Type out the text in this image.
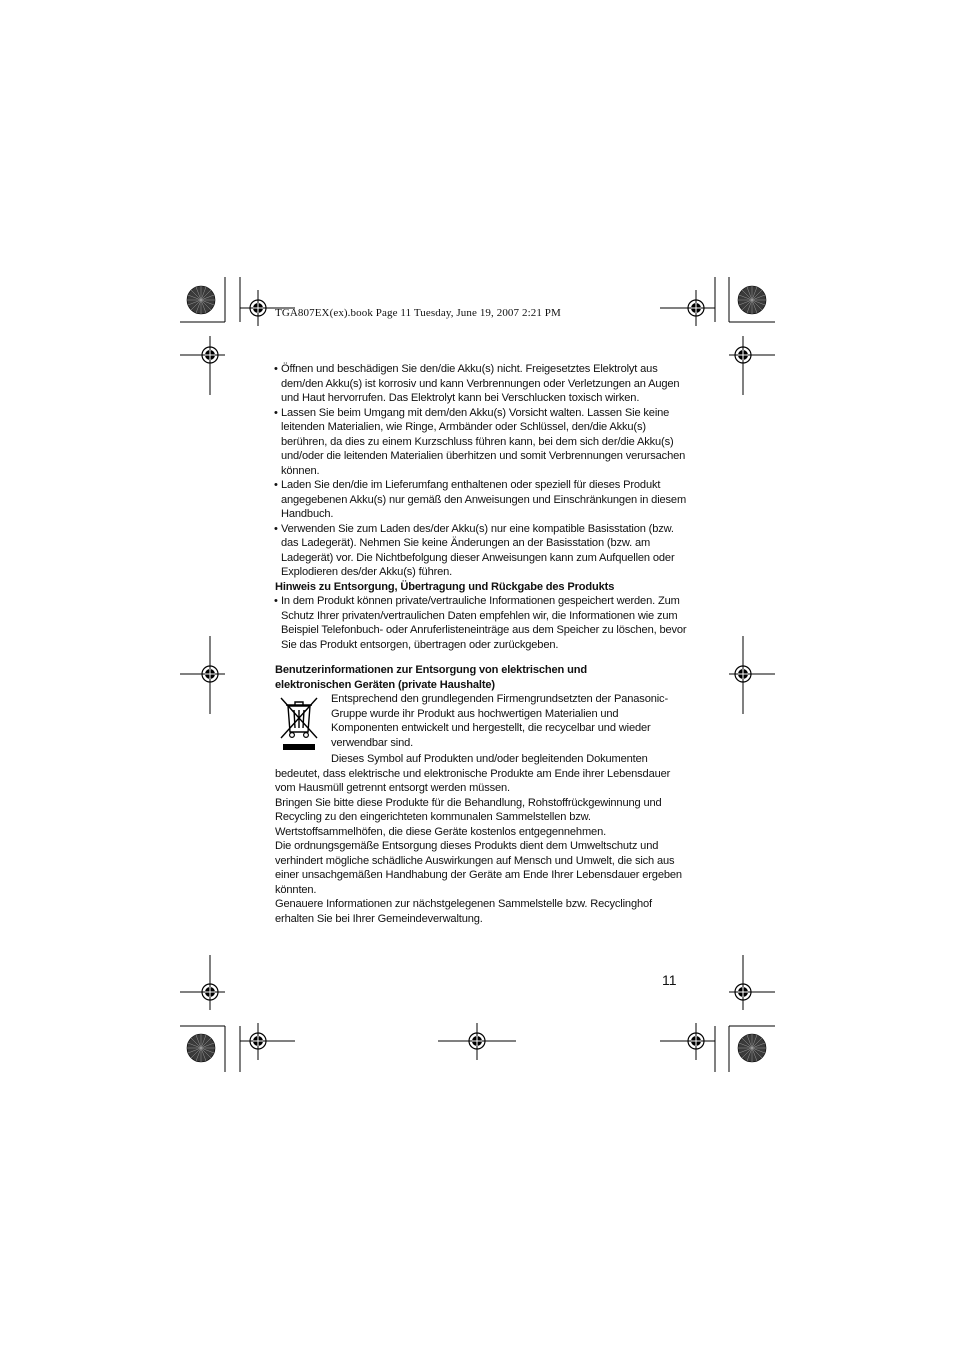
TGA807EX(ex).book Page 11 Tuesday, June 19, 2007 2:21 PM

• Öffnen und beschädigen Sie den/die Akku(s) nicht. Freigesetztes Elektrolyt aus dem/den Akku(s) ist korrosiv und kann Verbrennungen oder Verletzungen an Augen und Haut hervorrufen. Das Elektrolyt kann bei Verschlucken toxisch wirken.

• Lassen Sie beim Umgang mit dem/den Akku(s) Vorsicht walten. Lassen Sie keine leitenden Materialien, wie Ringe, Armbänder oder Schlüssel, den/die Akku(s) berühren, da dies zu einem Kurzschluss führen kann, bei dem sich der/die Akku(s) und/oder die leitenden Materialien überhitzen und somit Verbrennungen verursachen können.

• Laden Sie den/die im Lieferumfang enthaltenen oder speziell für dieses Produkt angegebenen Akku(s) nur gemäß den Anweisungen und Einschränkungen in diesem Handbuch.

• Verwenden Sie zum Laden des/der Akku(s) nur eine kompatible Basisstation (bzw. das Ladegerät). Nehmen Sie keine Änderungen an der Basisstation (bzw. am Ladegerät) vor. Die Nichtbefolgung dieser Anweisungen kann zum Aufquellen oder Explodieren des/der Akku(s) führen.

Hinweis zu Entsorgung, Übertragung und Rückgabe des Produkts

• In dem Produkt können private/vertrauliche Informationen gespeichert werden. Zum Schutz Ihrer privaten/vertraulichen Daten empfehlen wir, die Informationen wie zum Beispiel Telefonbuch- oder Anruferlisteneinträge aus dem Speicher zu löschen, bevor Sie das Produkt entsorgen, übertragen oder zurückgeben.

Benutzerinformationen zur Entsorgung von elektrischen und
elektronischen Geräten (private Haushalte)

Entsprechend den grundlegenden Firmengrundsetzten der Panasonic-Gruppe wurde ihr Produkt aus hochwertigen Materialien und Komponenten entwickelt und hergestellt, die recycelbar und wieder verwendbar sind.

Dieses Symbol auf Produkten und/oder begleitenden Dokumenten bedeutet, dass elektrische und elektronische Produkte am Ende ihrer Lebensdauer vom Hausmüll getrennt entsorgt werden müssen.

Bringen Sie bitte diese Produkte für die Behandlung, Rohstoffrückgewinnung und Recycling zu den eingerichteten kommunalen Sammelstellen bzw. Wertstoffsammelhöfen, die diese Geräte kostenlos entgegennehmen.

Die ordnungsgemäße Entsorgung dieses Produkts dient dem Umweltschutz und verhindert mögliche schädliche Auswirkungen auf Mensch und Umwelt, die sich aus einer unsachgemäßen Handhabung der Geräte am Ende Ihrer Lebensdauer ergeben könnten.

Genauere Informationen zur nächstgelegenen Sammelstelle bzw. Recyclinghof erhalten Sie bei Ihrer Gemeindeverwaltung.

11
